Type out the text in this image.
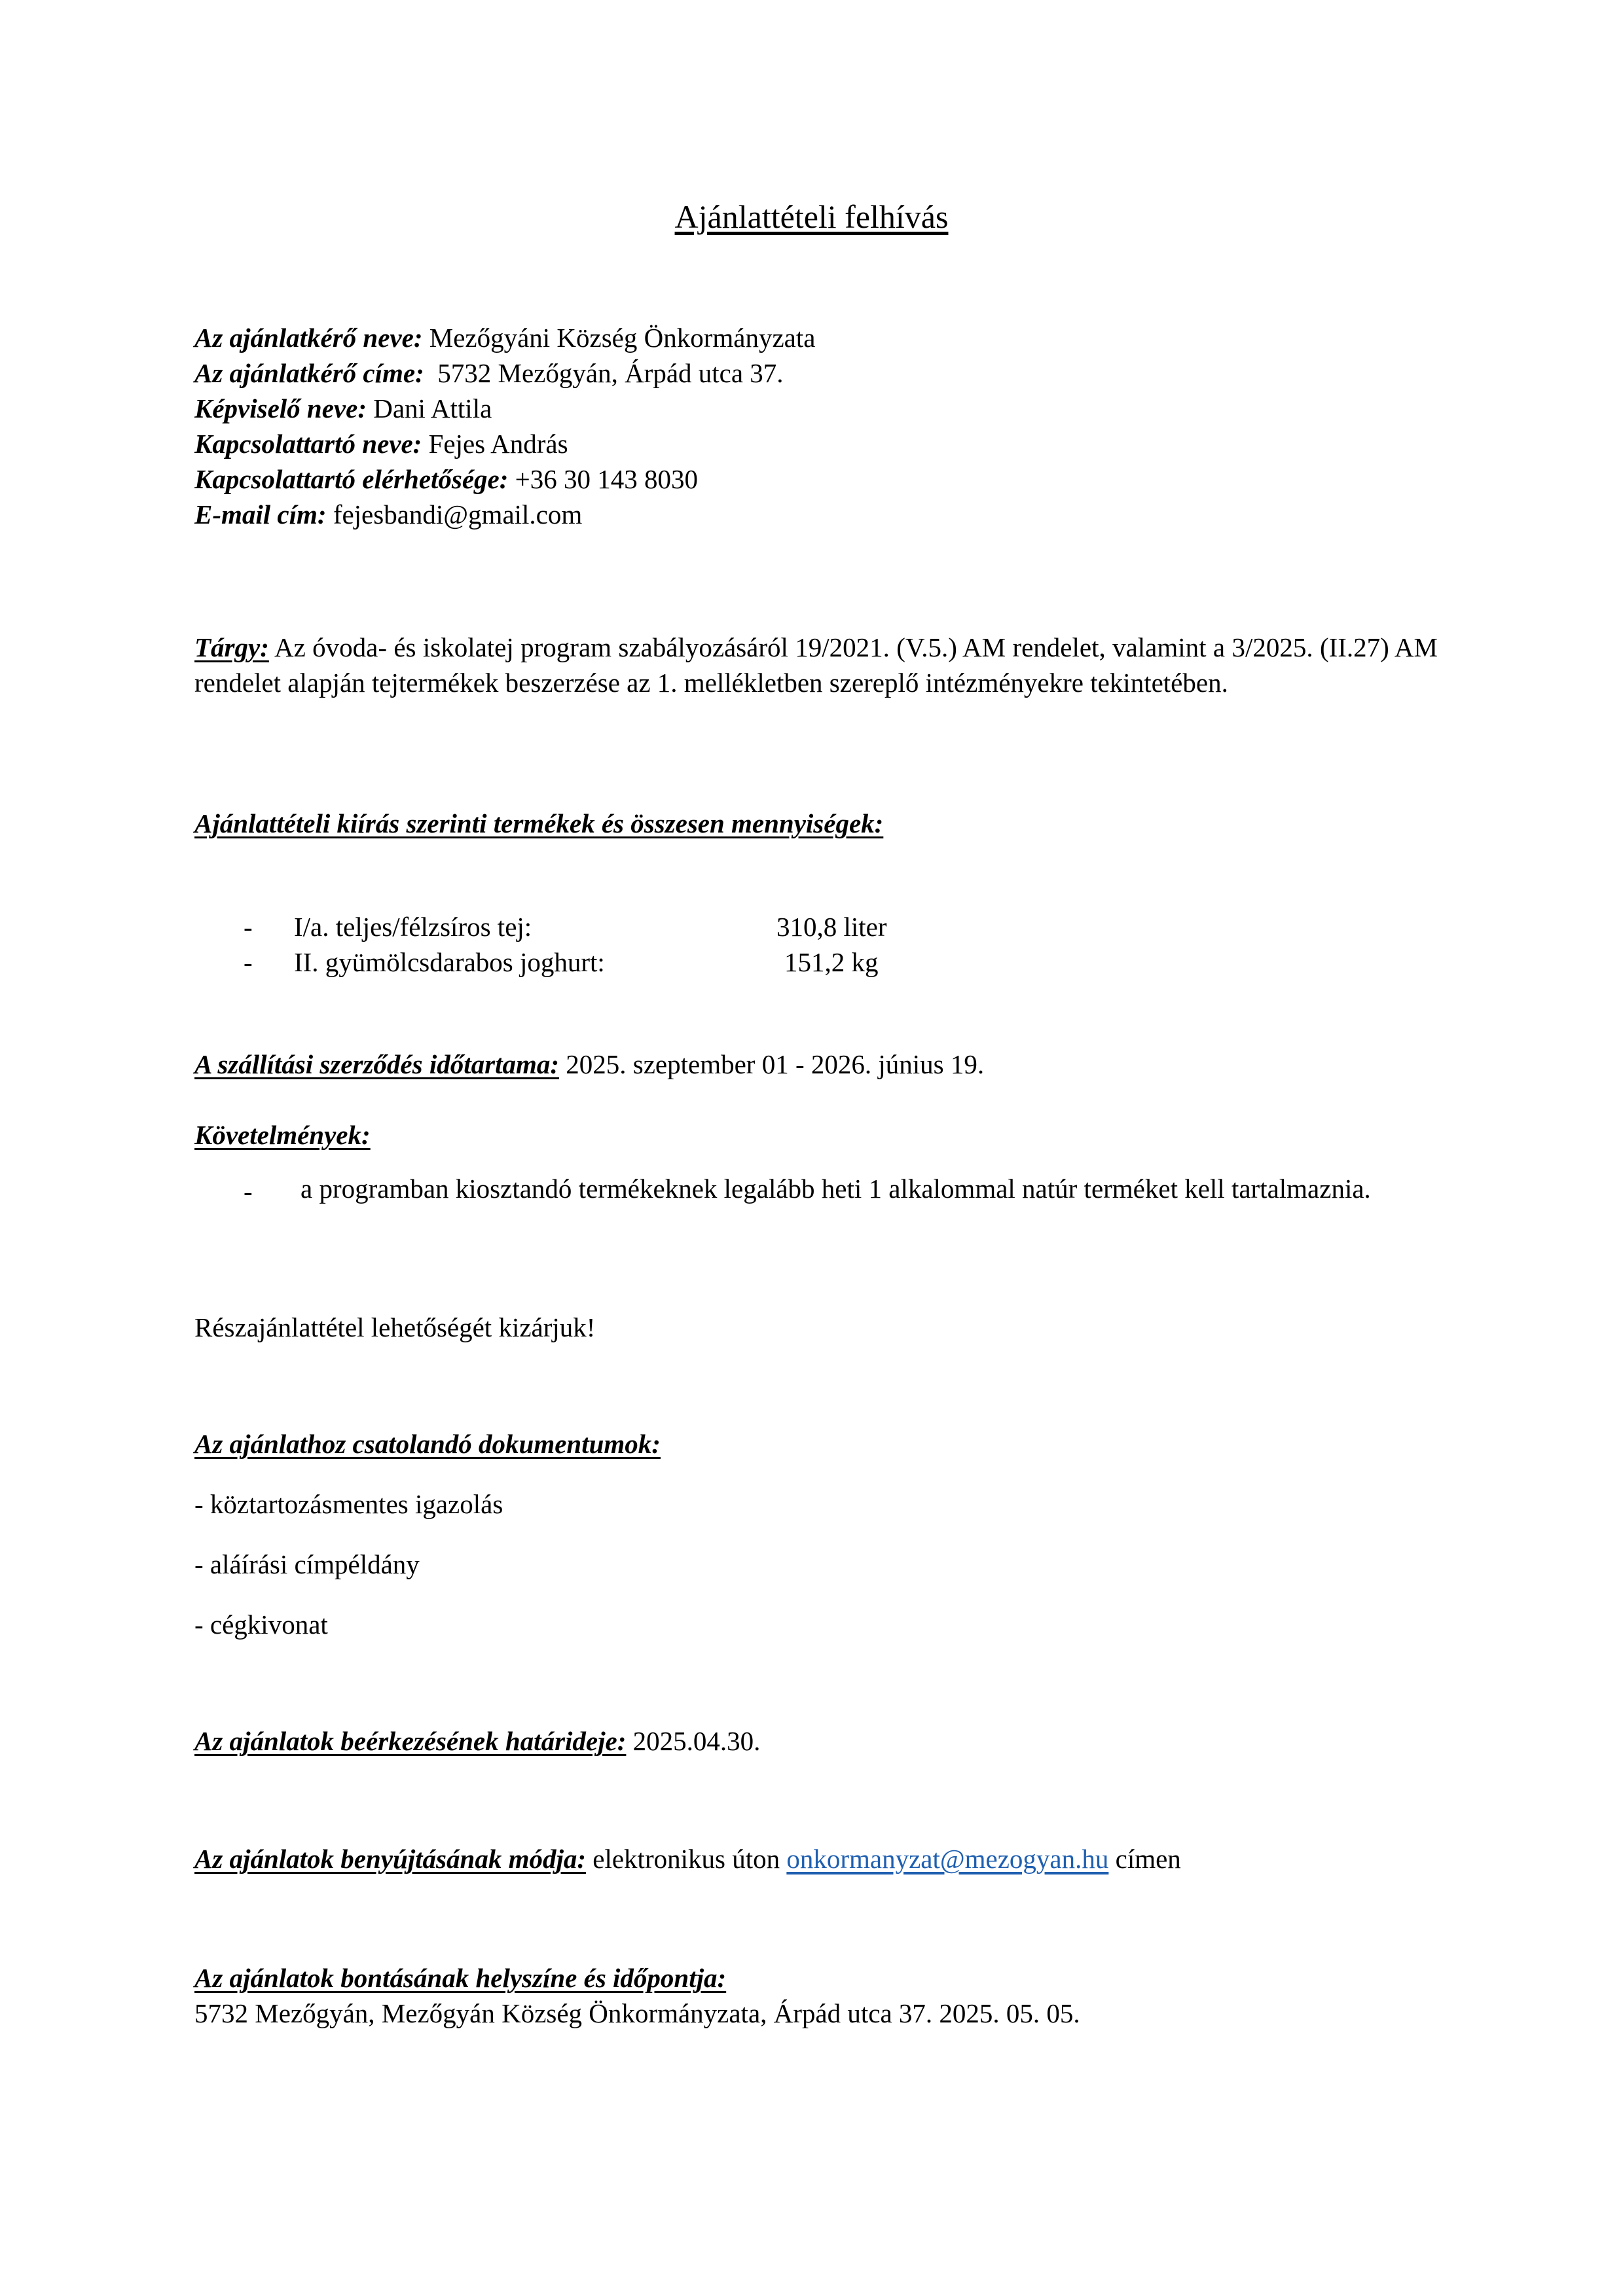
Ajánlattételi felhívás
Az ajánlatkérő neve: Mezőgyáni Község Önkormányzata
Az ajánlatkérő címe:  5732 Mezőgyán, Árpád utca 37.
Képviselő neve: Dani Attila
Kapcsolattartó neve: Fejes András
Kapcsolattartó elérhetősége: +36 30 143 8030
E-mail cím: fejesbandi@gmail.com
Tárgy: Az óvoda- és iskolatej program szabályozásáról 19/2021. (V.5.) AM rendelet, valamint a 3/2025. (II.27) AM rendelet alapján tejtermékek beszerzése az 1. mellékletben szereplő intézményekre tekintetében.
Ajánlattételi kiírás szerinti termékek és összesen mennyiségek:
- I/a. teljes/félzsíros tej:	310,8 liter
- II. gyümölcsdarabos joghurt:	151,2 kg
A szállítási szerződés időtartama: 2025. szeptember 01 - 2026. június 19.
Követelmények:
- a programban kiosztandó termékeknek legalább heti 1 alkalommal natúr terméket kell tartalmaznia.
Részajánlattétel lehetőségét kizárjuk!
Az ajánlathoz csatolandó dokumentumok:
- köztartozásmentes igazolás
- aláírási címpéldány
- cégkivonat
Az ajánlatok beérkezésének határideje: 2025.04.30.
Az ajánlatok benyújtásának módja: elektronikus úton onkormanyzat@mezogyan.hu címen
Az ajánlatok bontásának helyszíne és időpontja:
5732 Mezőgyán, Mezőgyán Község Önkormányzata, Árpád utca 37. 2025. 05. 05.
